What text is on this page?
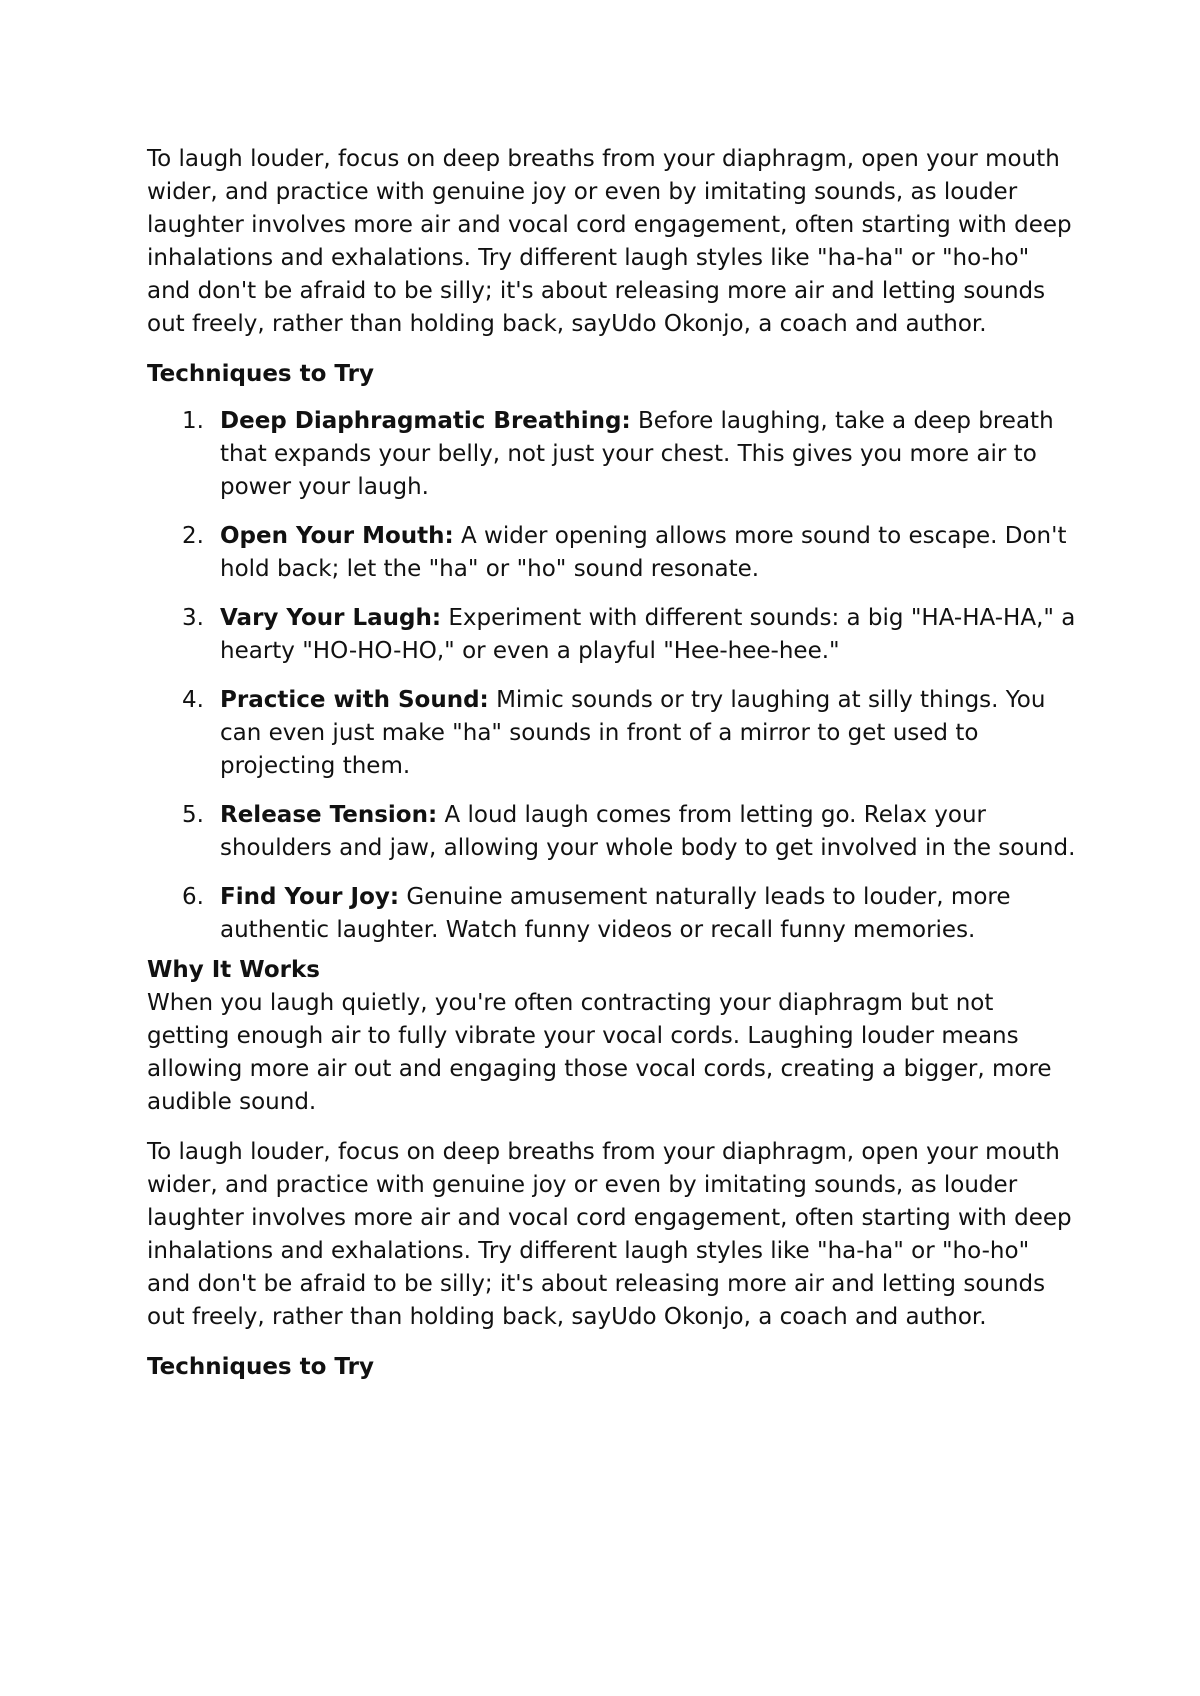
To laugh louder, focus on deep breaths from your diaphragm, open your mouth wider, and practice with genuine joy or even by imitating sounds, as louder laughter involves more air and vocal cord engagement, often starting with deep inhalations and exhalations. Try different laugh styles like "ha-ha" or "ho-ho" and don't be afraid to be silly; it's about releasing more air and letting sounds out freely, rather than holding back, sayUdo Okonjo, a coach and author.

Techniques to Try

1. Deep Diaphragmatic Breathing: Before laughing, take a deep breath that expands your belly, not just your chest. This gives you more air to power your laugh.
2. Open Your Mouth: A wider opening allows more sound to escape. Don't hold back; let the "ha" or "ho" sound resonate.
3. Vary Your Laugh: Experiment with different sounds: a big "HA-HA-HA," a hearty "HO-HO-HO," or even a playful "Hee-hee-hee."
4. Practice with Sound: Mimic sounds or try laughing at silly things. You can even just make "ha" sounds in front of a mirror to get used to projecting them.
5. Release Tension: A loud laugh comes from letting go. Relax your shoulders and jaw, allowing your whole body to get involved in the sound.
6. Find Your Joy: Genuine amusement naturally leads to louder, more authentic laughter. Watch funny videos or recall funny memories.

Why It Works

When you laugh quietly, you're often contracting your diaphragm but not getting enough air to fully vibrate your vocal cords. Laughing louder means allowing more air out and engaging those vocal cords, creating a bigger, more audible sound.

To laugh louder, focus on deep breaths from your diaphragm, open your mouth wider, and practice with genuine joy or even by imitating sounds, as louder laughter involves more air and vocal cord engagement, often starting with deep inhalations and exhalations. Try different laugh styles like "ha-ha" or "ho-ho" and don't be afraid to be silly; it's about releasing more air and letting sounds out freely, rather than holding back, sayUdo Okonjo, a coach and author.

Techniques to Try
